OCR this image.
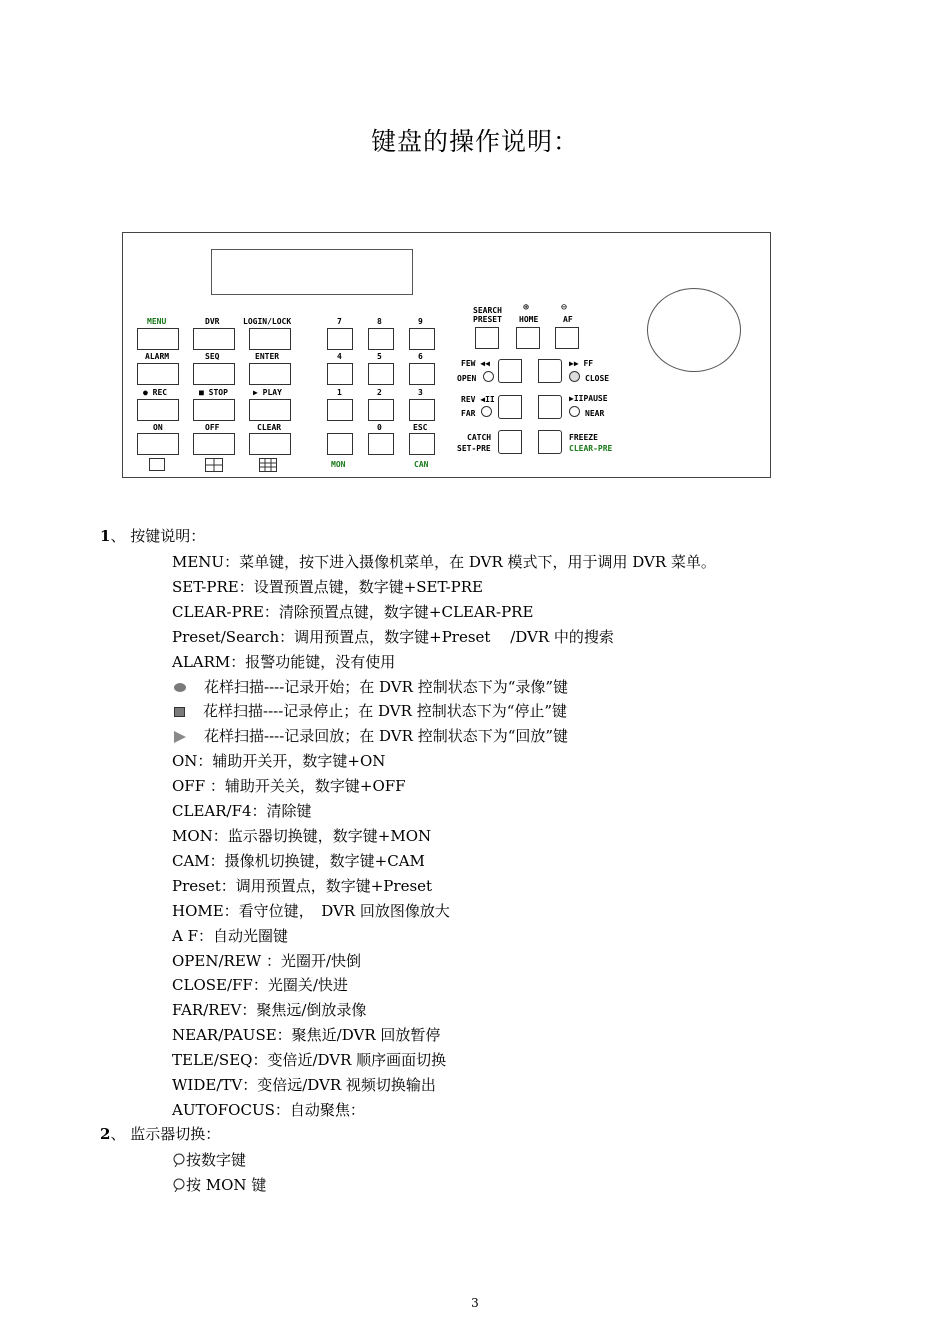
键盘的操作说明：
MENU	DVR	LOGIN/LOCK
ALARM	SEQ	ENTER
● REC	■ STOP	▶ PLAY
ON	OFF	CLEAR
7	8	9
4	5	6
1	2	3
0	ESC
MON	CAN
SEARCH
PRESET
⊕
HOME
⊖
AF
FEW ◀◀
OPEN
▶▶ FF
CLOSE
REV ◀II
FAR
▶IIPAUSE
NEAR
CATCH
SET-PRE
FREEZE
CLEAR-PRE
1、 按键说明：
MENU：菜单键，按下进入摄像机菜单，在 DVR 模式下，用于调用 DVR 菜单。
SET-PRE：设置预置点键，数字键+SET-PRE
CLEAR-PRE：清除预置点键，数字键+CLEAR-PRE
Preset/Search：调用预置点，数字键+Preset　 /DVR 中的搜索
ALARM：报警功能键，没有使用
花样扫描----记录开始；在 DVR 控制状态下为“录像”键
花样扫描----记录停止；在 DVR 控制状态下为“停止”键
花样扫描----记录回放；在 DVR 控制状态下为“回放”键
ON：辅助开关开，数字键+ON
OFF ：辅助开关关，数字键+OFF
CLEAR/F4：清除键
MON：监示器切换键，数字键+MON
CAM：摄像机切换键，数字键+CAM
Preset：调用预置点，数字键+Preset
HOME：看守位键，　DVR 回放图像放大
A F：自动光圈键
OPEN/REW ：光圈开/快倒
CLOSE/FF：光圈关/快进
FAR/REV：聚焦远/倒放录像
NEAR/PAUSE：聚焦近/DVR 回放暂停
TELE/SEQ：变倍近/DVR 顺序画面切换
WIDE/TV：变倍远/DVR 视频切换输出
AUTOFOCUS：自动聚焦：
2、 监示器切换：
按数字键
按 MON 键
3
